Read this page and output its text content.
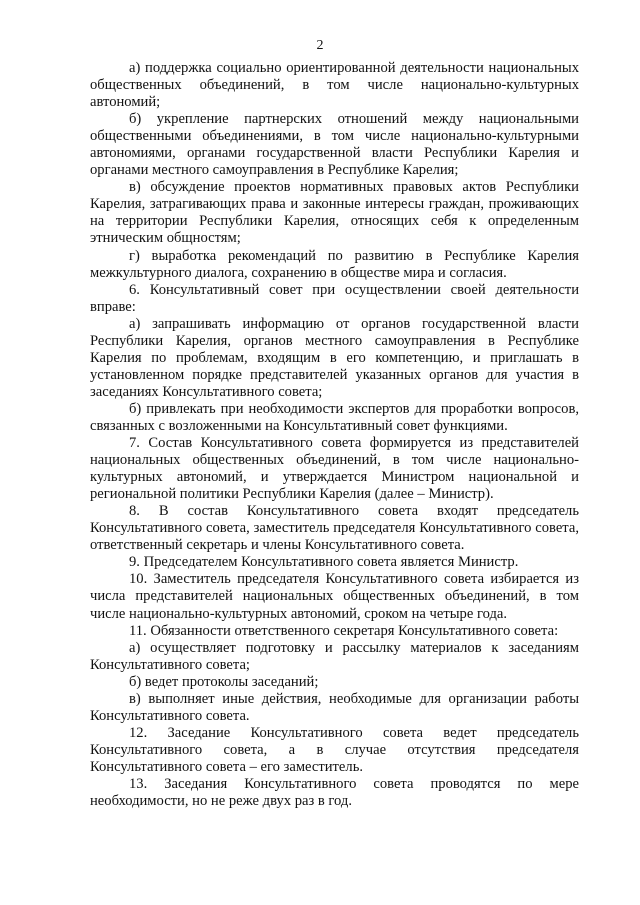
2

а) поддержка социально ориентированной деятельности национальных общественных объединений, в том числе национально-культурных автономий;

б) укрепление партнерских отношений между национальными общественными объединениями, в том числе национально-культурными автономиями, органами государственной власти Республики Карелия и органами местного самоуправления в Республике Карелия;

в) обсуждение проектов нормативных правовых актов Республики Карелия, затрагивающих права и законные интересы граждан, проживающих на территории Республики Карелия, относящих себя к определенным этническим общностям;

г) выработка рекомендаций по развитию в Республике Карелия межкультурного диалога, сохранению в обществе мира и согласия.

6. Консультативный совет при осуществлении своей деятельности вправе:

а) запрашивать информацию от органов государственной власти Республики Карелия, органов местного самоуправления в Республике Карелия по проблемам, входящим в его компетенцию, и приглашать в установленном порядке представителей указанных органов для участия в заседаниях Консультативного совета;

б) привлекать при необходимости экспертов для проработки вопросов, связанных с возложенными на Консультативный совет функциями.

7. Состав Консультативного совета формируется из представителей национальных общественных объединений, в том числе национально-культурных автономий, и утверждается Министром национальной и региональной политики Республики Карелия (далее – Министр).

8. В состав Консультативного совета входят председатель Консультативного совета, заместитель председателя Консультативного совета, ответственный секретарь и члены Консультативного совета.

9. Председателем Консультативного совета является Министр.

10. Заместитель председателя Консультативного совета избирается из числа представителей национальных общественных объединений, в том числе национально-культурных автономий, сроком на четыре года.

11. Обязанности ответственного секретаря Консультативного совета:

а) осуществляет подготовку и рассылку материалов к заседаниям Консультативного совета;

б) ведет протоколы заседаний;

в) выполняет иные действия, необходимые для организации работы Консультативного совета.

12. Заседание Консультативного совета ведет председатель Консультативного совета, а в случае отсутствия председателя Консультативного совета – его заместитель.

13. Заседания Консультативного совета проводятся по мере необходимости, но не реже двух раз в год.
